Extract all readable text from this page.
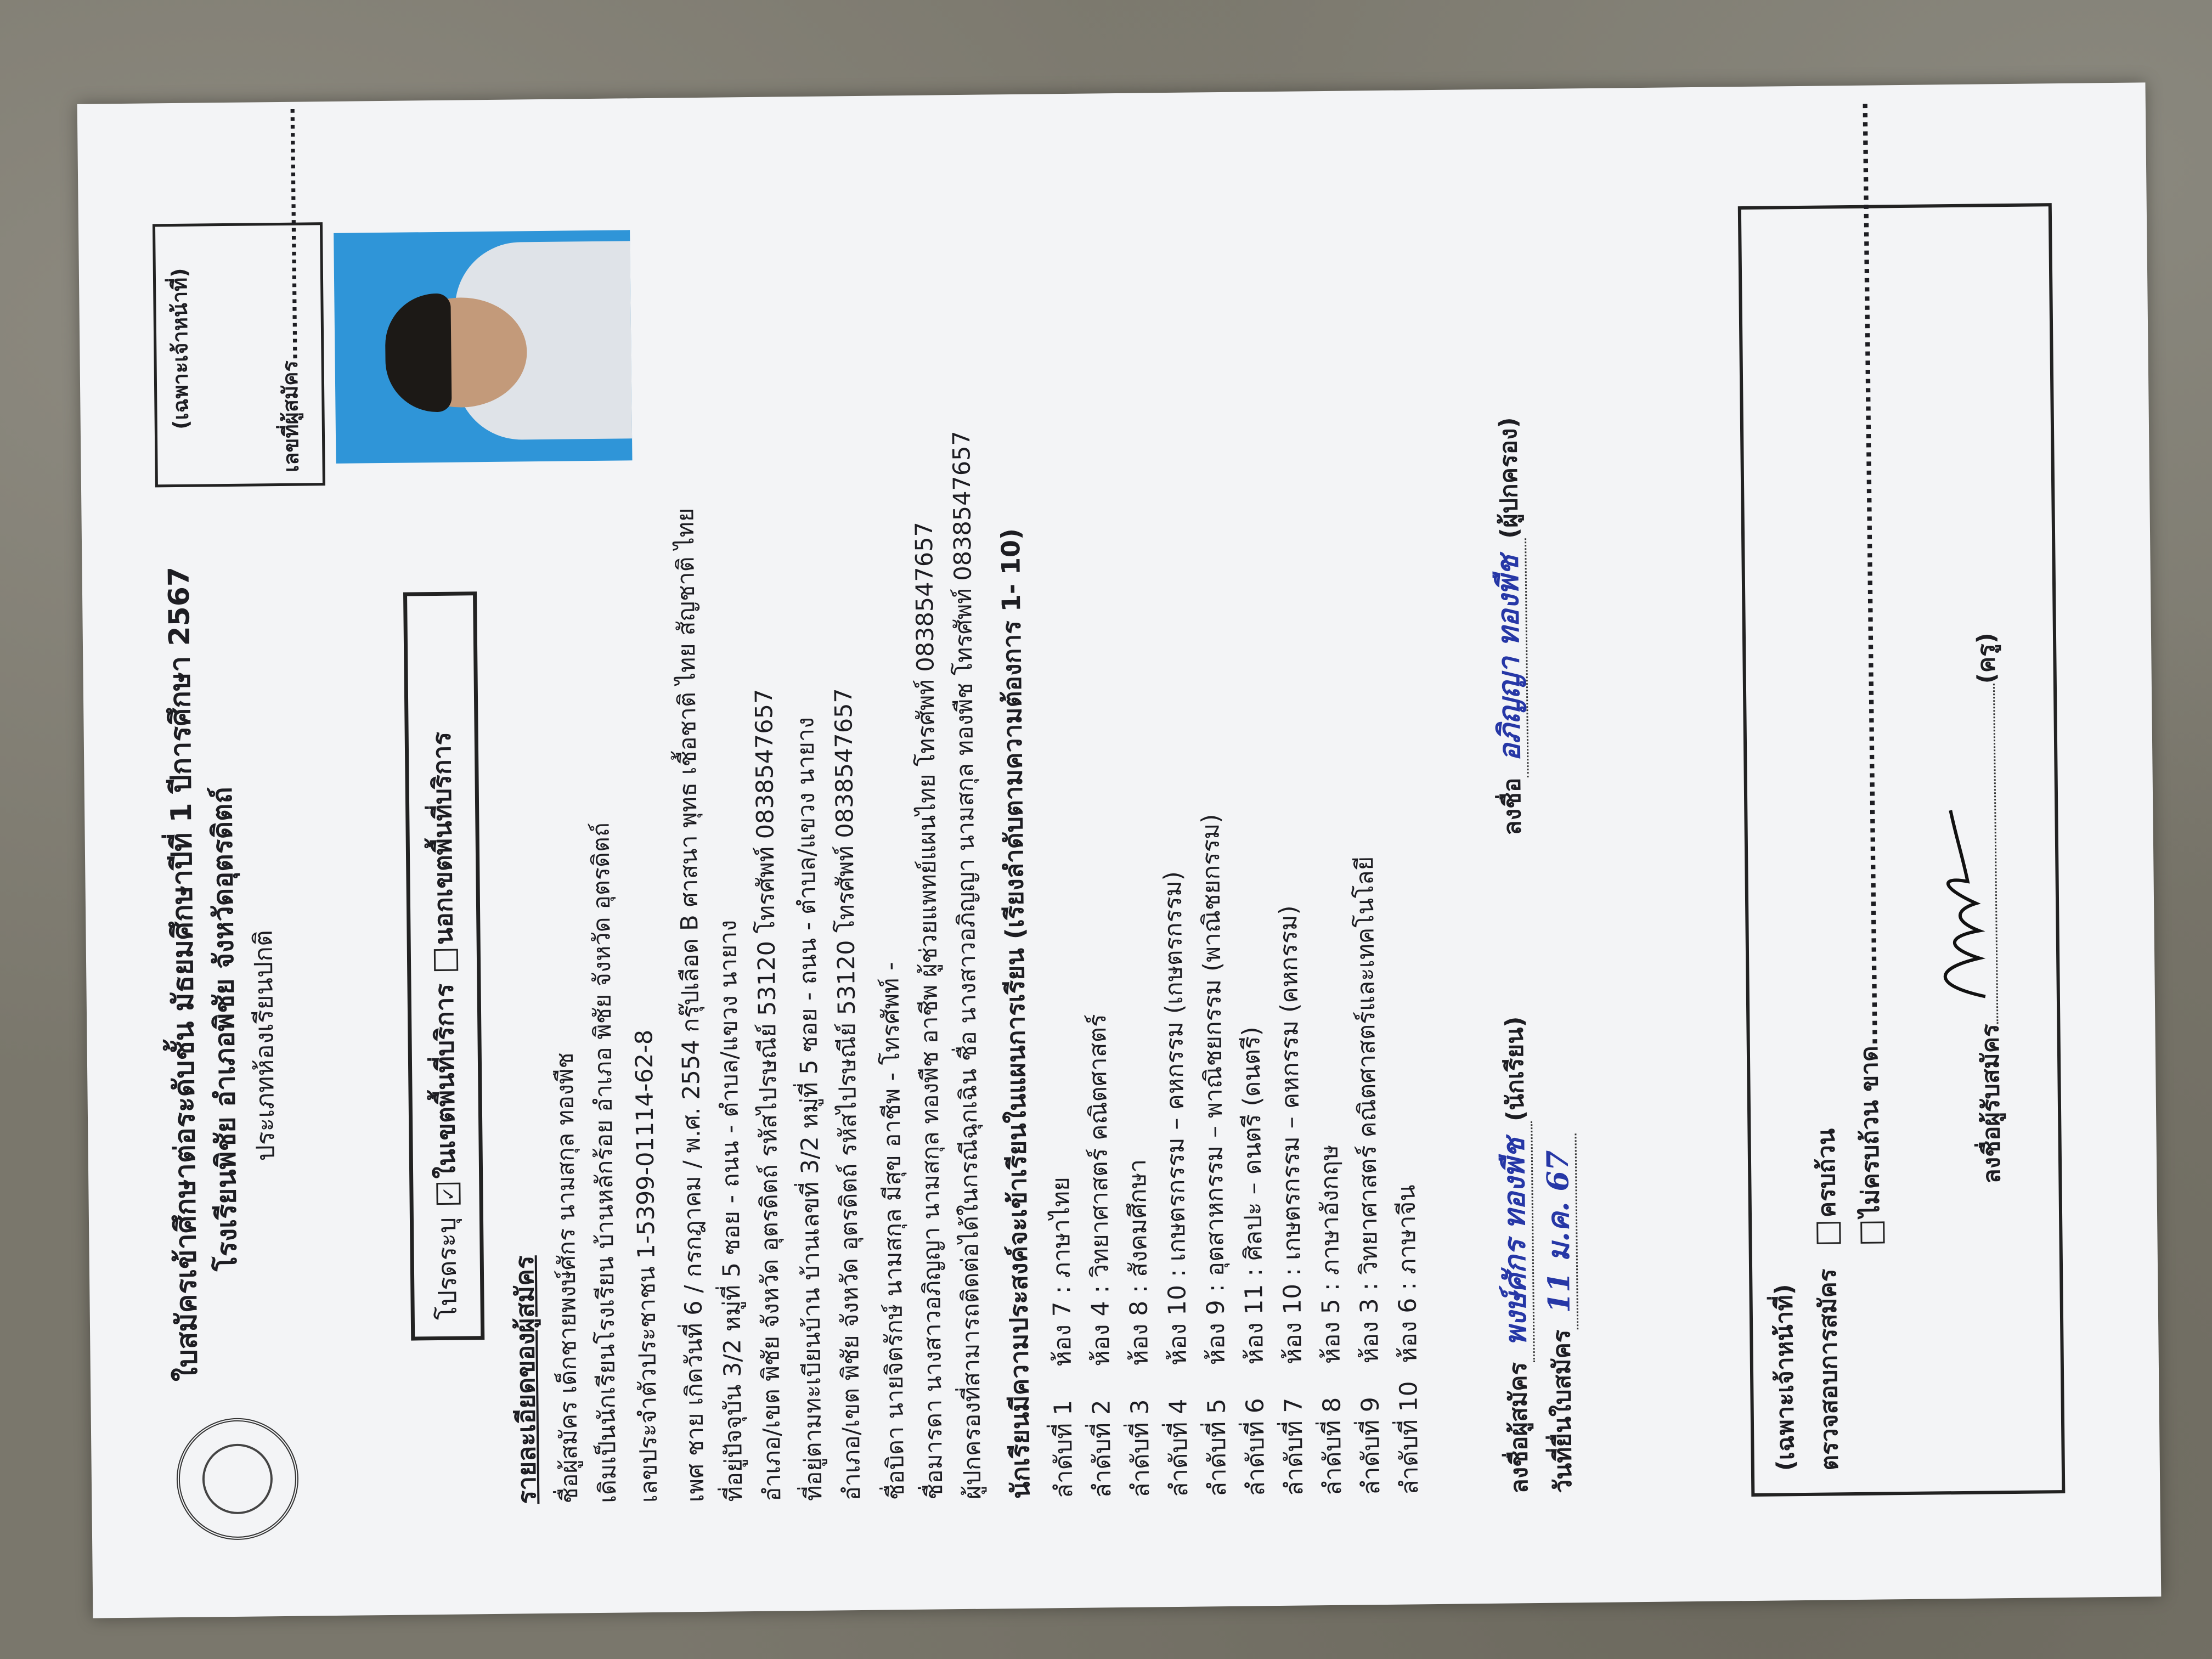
ใบสมัครเข้าศึกษาต่อระดับชั้น มัธยมศึกษาปีที่ 1 ปีการศึกษา 2567 โรงเรียนพิชัย อำเภอพิชัย จังหวัดอุตรดิตถ์ ประเภทห้องเรียนปกติ
(เฉพาะเจ้าหน้าที่)	เลขที่ผู้สมัคร................................
โปรดระบุ ✓ในเขตพื้นที่บริการ นอกเขตพื้นที่บริการ
รายละเอียดของผู้สมัคร ชื่อผู้สมัคร เด็กชายพงษ์ศักร นามสกุล ทองพืช เดิมเป็นนักเรียนโรงเรียน บ้านหลักร้อย อำเภอ พิชัย จังหวัด อุตรดิตถ์ เลขประจำตัวประชาชน 1-5399-01114-62-8 เพศ ชาย เกิดวันที่ 6 / กรกฎาคม / พ.ศ. 2554 กรุ๊ปเลือด B ศาสนา พุทธ เชื้อชาติ ไทย สัญชาติ ไทย ที่อยู่ปัจจุบัน 3/2 หมู่ที่ 5 ซอย - ถนน - ตำบล/แขวง นายาง อำเภอ/เขต พิชัย จังหวัด อุตรดิตถ์ รหัสไปรษณีย์ 53120 โทรศัพท์ 0838547657 ที่อยู่ตามทะเบียนบ้าน บ้านเลขที่ 3/2 หมู่ที่ 5 ซอย - ถนน - ตำบล/แขวง นายาง อำเภอ/เขต พิชัย จังหวัด อุตรดิตถ์ รหัสไปรษณีย์ 53120 โทรศัพท์ 0838547657 ชื่อบิดา นายจิตรักษ์ นามสกุล มีสุข อาชีพ - โทรศัพท์ - ชื่อมารดา นางสาวอภิญญา นามสกุล ทองพืช อาชีพ ผู้ช่วยแพทย์แผนไทย โทรศัพท์ 0838547657 ผู้ปกครองที่สามารถติดต่อได้ในกรณีฉุกเฉิน ชื่อ นางสาวอภิญญา นามสกุล ทองพืช โทรศัพท์ 0838547657 นักเรียนมีความประสงค์จะเข้าเรียนในแผนการเรียน (เรียงลำดับตามความต้องการ 1- 10) ลำดับที่ 1ห้อง 7 : ภาษาไทย
ลำดับที่ 2ห้อง 4 : วิทยาศาสตร์ คณิตศาสตร์
ลำดับที่ 3ห้อง 8 : สังคมศึกษา
ลำดับที่ 4ห้อง 10 : เกษตรกรรม – คหกรรม (เกษตรกรรม)
ลำดับที่ 5ห้อง 9 : อุตสาหกรรม – พาณิชยกรรม (พาณิชยกรรม)
ลำดับที่ 6ห้อง 11 : ศิลปะ – ดนตรี (ดนตรี)
ลำดับที่ 7ห้อง 10 : เกษตรกรรม – คหกรรม (คหกรรม)
ลำดับที่ 8ห้อง 5 : ภาษาอังกฤษ
ลำดับที่ 9ห้อง 3 : วิทยาศาสตร์ คณิตศาสตร์และเทคโนโลยี
ลำดับที่ 10ห้อง 6 : ภาษาจีน
ลงชื่อผู้สมัครพงษ์ศักร ทองพืช(นักเรียน)
วันที่ยื่นใบสมัคร11 ม.ค. 67
ลงชื่ออภิญญา ทองพืช(ผู้ปกครอง)
(เฉพาะเจ้าหน้าที่) ตรวจสอบการสมัคร ครบถ้วน ไม่ครบถ้วน ขาด.......................................................................................................	ลงชื่อผู้รับสมัคร
(ครู)
